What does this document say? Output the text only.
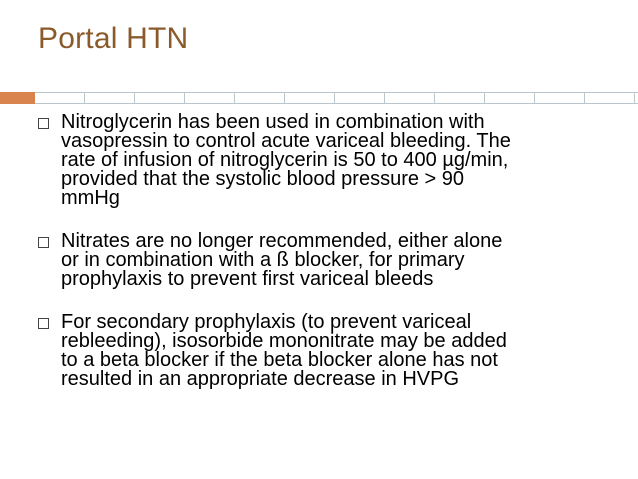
Portal HTN
Nitroglycerin has been used in combination with
vasopressin to control acute variceal bleeding. The
rate of infusion of nitroglycerin is 50 to 400 µg/min,
provided that the systolic blood pressure > 90
mmHg
Nitrates are no longer recommended, either alone
or in combination with a ß blocker, for primary
prophylaxis to prevent first variceal bleeds
For secondary prophylaxis (to prevent variceal
rebleeding), isosorbide mononitrate may be added
to a beta blocker if the beta blocker alone has not
resulted in an appropriate decrease in HVPG
